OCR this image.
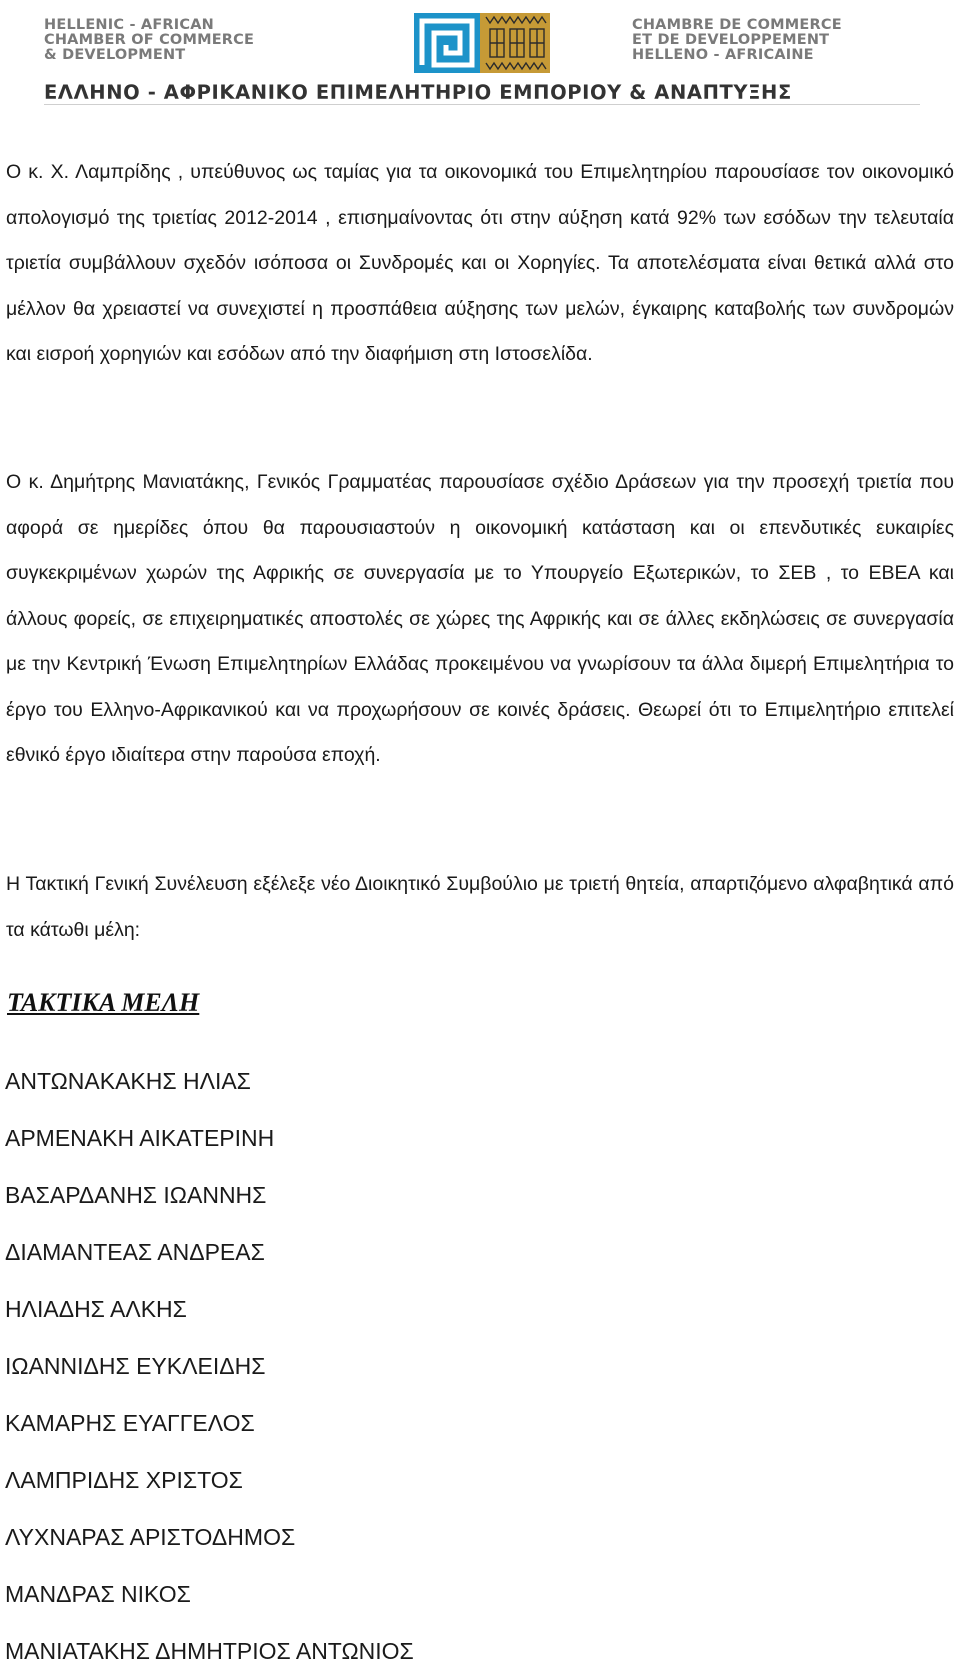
HELLENIC - AFRICAN
CHAMBER OF COMMERCE
& DEVELOPMENT
CHAMBRE DE COMMERCE
ET DE DEVELOPPEMENT
HELLENO - AFRICAINE
ΕΛΛΗΝΟ - ΑΦΡΙΚΑΝΙΚΟ ΕΠΙΜΕΛΗΤΗΡΙΟ ΕΜΠΟΡΙΟΥ & ΑΝΑΠΤΥΞΗΣ

Ο κ. Χ. Λαμπρίδης , υπεύθυνος ως ταμίας για τα οικονομικά του Επιμελητηρίου παρουσίασε τον οικονομικό απολογισμό της τριετίας 2012-2014 , επισημαίνοντας ότι στην αύξηση κατά 92% των εσόδων την τελευταία τριετία συμβάλλουν σχεδόν ισόποσα οι Συνδρομές και οι Χορηγίες. Τα αποτελέσματα είναι θετικά αλλά στο μέλλον θα χρειαστεί να συνεχιστεί η προσπάθεια αύξησης των μελών, έγκαιρης καταβολής των συνδρομών και εισροή χορηγιών και εσόδων από την διαφήμιση στη Ιστοσελίδα.

Ο κ. Δημήτρης Μανιατάκης, Γενικός Γραμματέας παρουσίασε σχέδιο Δράσεων για την προσεχή τριετία που αφορά σε ημερίδες όπου θα παρουσιαστούν η οικονομική κατάσταση και οι επενδυτικές ευκαιρίες συγκεκριμένων χωρών της Αφρικής σε συνεργασία με το Υπουργείο Εξωτερικών, το ΣΕΒ , το ΕΒΕΑ και άλλους φορείς, σε επιχειρηματικές αποστολές σε χώρες της Αφρικής και σε άλλες εκδηλώσεις σε συνεργασία με την Κεντρική Ένωση Επιμελητηρίων Ελλάδας προκειμένου να γνωρίσουν τα άλλα διμερή Επιμελητήρια το έργο του Ελληνο-Αφρικανικού και να προχωρήσουν σε κοινές δράσεις. Θεωρεί ότι το Επιμελητήριο επιτελεί εθνικό έργο ιδιαίτερα στην παρούσα εποχή.

Η Τακτική Γενική Συνέλευση εξέλεξε νέο Διοικητικό Συμβούλιο με τριετή θητεία, απαρτιζόμενο αλφαβητικά από τα κάτωθι μέλη:

ΤΑΚΤΙΚΑ ΜΕΛΗ
ΑΝΤΩΝΑΚΑΚΗΣ ΗΛΙΑΣ
ΑΡΜΕΝΑΚΗ ΑΙΚΑΤΕΡΙΝΗ
ΒΑΣΑΡΔΑΝΗΣ ΙΩΑΝΝΗΣ
ΔΙΑΜΑΝΤΕΑΣ ΑΝΔΡΕΑΣ
ΗΛΙΑΔΗΣ ΑΛΚΗΣ
ΙΩΑΝΝΙΔΗΣ ΕΥΚΛΕΙΔΗΣ
ΚΑΜΑΡΗΣ ΕΥΑΓΓΕΛΟΣ
ΛΑΜΠΡΙΔΗΣ ΧΡΙΣΤΟΣ
ΛΥΧΝΑΡΑΣ ΑΡΙΣΤΟΔΗΜΟΣ
ΜΑΝΔΡΑΣ ΝΙΚΟΣ
ΜΑΝΙΑΤΑΚΗΣ ΔΗΜΗΤΡΙΟΣ ΑΝΤΩΝΙΟΣ
